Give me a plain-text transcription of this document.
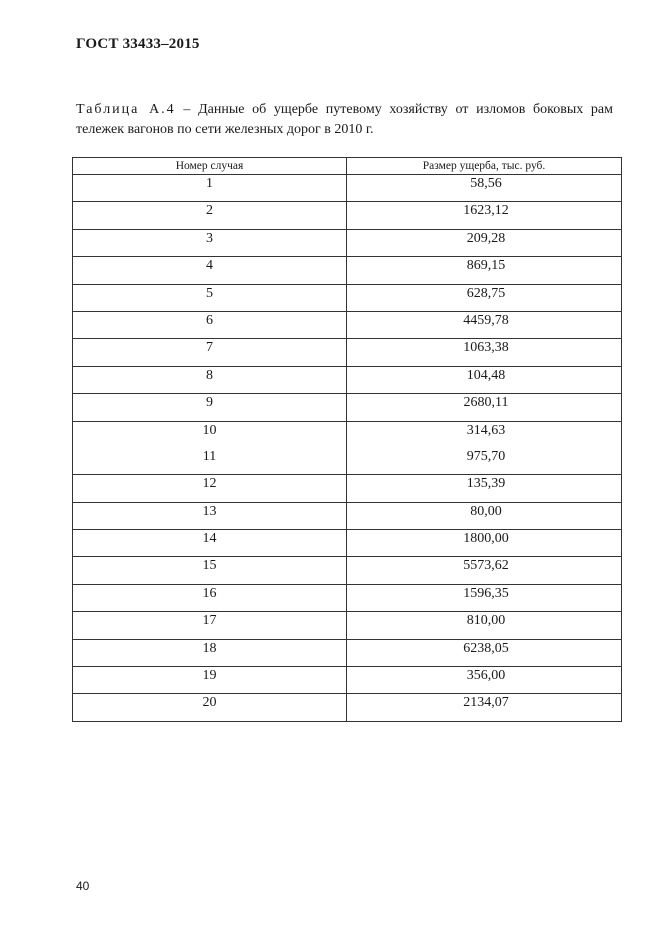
ГОСТ 33433–2015
Таблица А.4 – Данные об ущербе путевому хозяйству от изломов боковых рам тележек вагонов по сети железных дорог в 2010 г.
Номер случая	Размер ущерба, тыс. руб.
1	58,56
2	1623,12
3	209,28
4	869,15
5	628,75
6	4459,78
7	1063,38
8	104,48
9	2680,11
10	314,63
11	975,70
12	135,39
13	80,00
14	1800,00
15	5573,62
16	1596,35
17	810,00
18	6238,05
19	356,00
20	2134,07
40
